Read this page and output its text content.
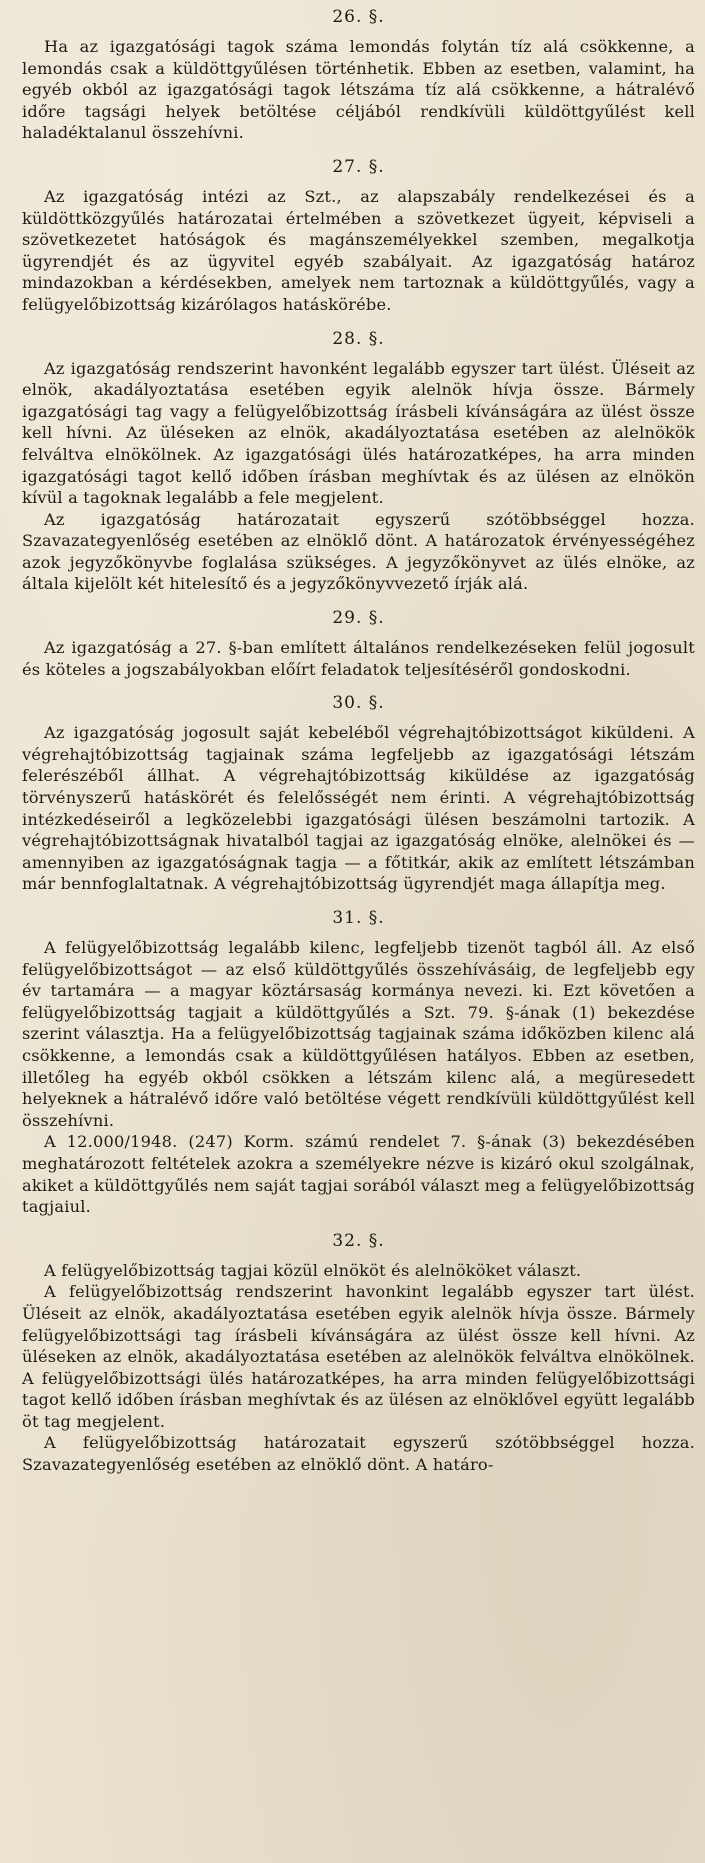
26. §.

Ha az igazgatósági tagok száma lemondás folytán tíz alá csökkenne, a lemondás csak a küldöttgyűlésen történhetik. Ebben az esetben, valamint, ha egyéb okból az igazgatósági tagok létszáma tíz alá csökkenne, a hátralévő időre tagsági helyek betöltése céljából rendkívüli küldöttgyűlést kell haladéktalanul összehívni.

27. §.

Az igazgatóság intézi az Szt., az alapszabály rendelkezései és a küldöttközgyűlés határozatai értelmében a szövetkezet ügyeit, képviseli a szövetkezetet hatóságok és magánszemélyekkel szemben, megalkotja ügyrendjét és az ügyvitel egyéb szabályait. Az igazgatóság határoz mindazokban a kérdésekben, amelyek nem tartoznak a küldöttgyűlés, vagy a felügyelőbizottság kizárólagos hatáskörébe.

28. §.

Az igazgatóság rendszerint havonként legalább egyszer tart ülést. Üléseit az elnök, akadályoztatása esetében egyik alelnök hívja össze. Bármely igazgatósági tag vagy a felügyelőbizottság írásbeli kívánságára az ülést össze kell hívni. Az üléseken az elnök, akadályoztatása esetében az alelnökök felváltva elnökölnek. Az igazgatósági ülés határozatképes, ha arra minden igazgatósági tagot kellő időben írásban meghívtak és az ülésen az elnökön kívül a tagoknak legalább a fele megjelent.

Az igazgatóság határozatait egyszerű szótöbbséggel hozza. Szavazategyenlőség esetében az elnöklő dönt. A határozatok érvényességéhez azok jegyzőkönyvbe foglalása szükséges. A jegyzőkönyvet az ülés elnöke, az általa kijelölt két hitelesítő és a jegyzőkönyvvezető írják alá.

29. §.

Az igazgatóság a 27. §-ban említett általános rendelkezéseken felül jogosult és köteles a jogszabályokban előírt feladatok teljesítéséről gondoskodni.

30. §.

Az igazgatóság jogosult saját kebeléből végrehajtóbizottságot kiküldeni. A végrehajtóbizottság tagjainak száma legfeljebb az igazgatósági létszám felerészéből állhat. A végrehajtóbizottság kiküldése az igazgatóság törvényszerű hatáskörét és felelősségét nem érinti. A végrehajtóbizottság intézkedéseiről a legközelebbi igazgatósági ülésen beszámolni tartozik. A végrehajtóbizottságnak hivatalból tagjai az igazgatóság elnöke, alelnökei és — amennyiben az igazgatóságnak tagja — a főtitkár, akik az említett létszámban már bennfoglaltatnak. A végrehajtóbizottság ügyrendjét maga állapítja meg.

31. §.

A felügyelőbizottság legalább kilenc, legfeljebb tizenöt tagból áll. Az első felügyelőbizottságot — az első küldöttgyűlés összehívásáig, de legfeljebb egy év tartamára — a magyar köztársaság kormánya nevezi. ki. Ezt követően a felügyelőbizottság tagjait a küldöttgyűlés a Szt. 79. §-ának (1) bekezdése szerint választja. Ha a felügyelőbizottság tagjainak száma időközben kilenc alá csökkenne, a lemondás csak a küldöttgyűlésen hatályos. Ebben az esetben, illetőleg ha egyéb okból csökken a létszám kilenc alá, a megüresedett helyeknek a hátralévő időre való betöltése végett rendkívüli küldöttgyűlést kell összehívni.

A 12.000/1948. (247) Korm. számú rendelet 7. §-ának (3) bekezdésében meghatározott feltételek azokra a személyekre nézve is kizáró okul szolgálnak, akiket a küldöttgyűlés nem saját tagjai sorából választ meg a felügyelőbizottság tagjaiul.

32. §.

A felügyelőbizottság tagjai közül elnököt és alelnököket választ.

A felügyelőbizottság rendszerint havonkint legalább egyszer tart ülést. Üléseit az elnök, akadályoztatása esetében egyik alelnök hívja össze. Bármely felügyelőbizottsági tag írásbeli kívánságára az ülést össze kell hívni. Az üléseken az elnök, akadályoztatása esetében az alelnökök felváltva elnökölnek. A felügyelőbizottsági ülés határozatképes, ha arra minden felügyelőbizottsági tagot kellő időben írásban meghívtak és az ülésen az elnöklővel együtt legalább öt tag megjelent.

A felügyelőbizottság határozatait egyszerű szótöbbséggel hozza. Szavazategyenlőség esetében az elnöklő dönt. A határo-
